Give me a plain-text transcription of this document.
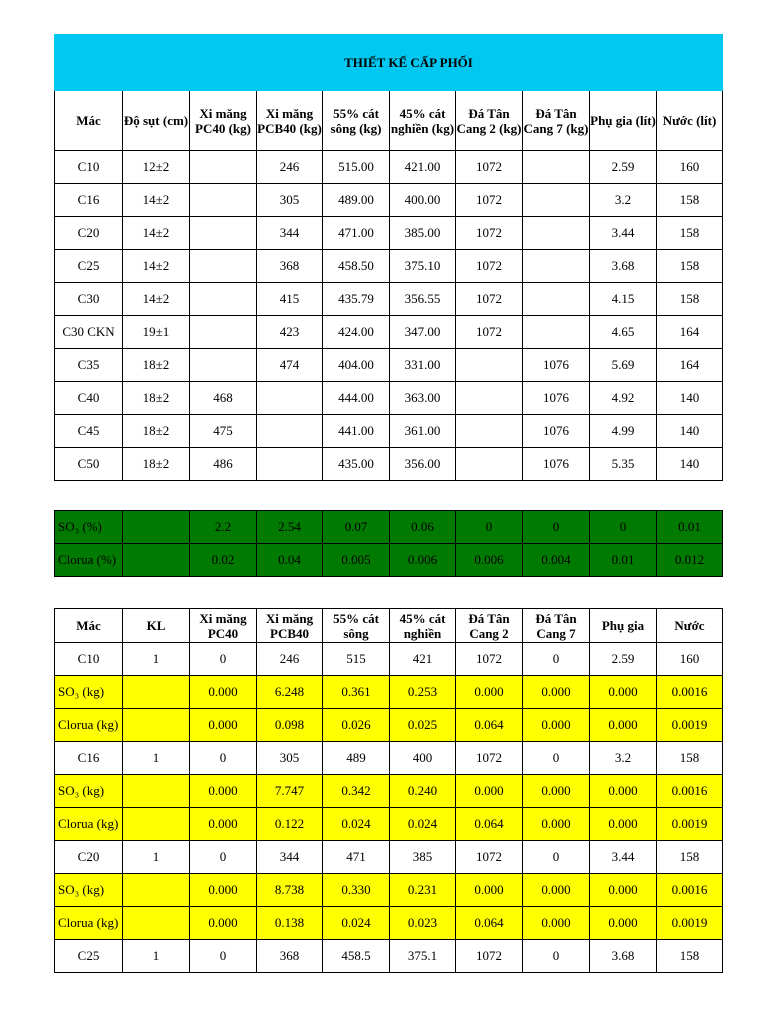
THIẾT KẾ CẤP PHỐI									
Mác	Độ sụt (cm)	Xi măng PC40 (kg)	Xi măng PCB40 (kg)	55% cát sông (kg)	45% cát nghiền (kg)	Đá Tân Cang 2 (kg)	Đá Tân Cang 7 (kg)	Phụ gia (lít)	Nước (lít)
C10	12±2		246	515.00	421.00	1072		2.59	160
C16	14±2		305	489.00	400.00	1072		3.2	158
C20	14±2		344	471.00	385.00	1072		3.44	158
C25	14±2		368	458.50	375.10	1072		3.68	158
C30	14±2		415	435.79	356.55	1072		4.15	158
C30 CKN	19±1		423	424.00	347.00	1072		4.65	164
C35	18±2		474	404.00	331.00		1076	5.69	164
C40	18±2	468		444.00	363.00		1076	4.92	140
C45	18±2	475		441.00	361.00		1076	4.99	140
C50	18±2	486		435.00	356.00		1076	5.35	140
SO₃ (%)		2.2	2.54	0.07	0.06	0	0	0	0.01
Clorua (%)		0.02	0.04	0.005	0.006	0.006	0.004	0.01	0.012
Mác	KL	Xi măng PC40	Xi măng PCB40	55% cát sông	45% cát nghiền	Đá Tân Cang 2	Đá Tân Cang 7	Phụ gia	Nước
C10	1	0	246	515	421	1072	0	2.59	160
SO₃ (kg)		0.000	6.248	0.361	0.253	0.000	0.000	0.000	0.0016
Clorua (kg)		0.000	0.098	0.026	0.025	0.064	0.000	0.000	0.0019
C16	1	0	305	489	400	1072	0	3.2	158
SO₃ (kg)		0.000	7.747	0.342	0.240	0.000	0.000	0.000	0.0016
Clorua (kg)		0.000	0.122	0.024	0.024	0.064	0.000	0.000	0.0019
C20	1	0	344	471	385	1072	0	3.44	158
SO₃ (kg)		0.000	8.738	0.330	0.231	0.000	0.000	0.000	0.0016
Clorua (kg)		0.000	0.138	0.024	0.023	0.064	0.000	0.000	0.0019
C25	1	0	368	458.5	375.1	1072	0	3.68	158
